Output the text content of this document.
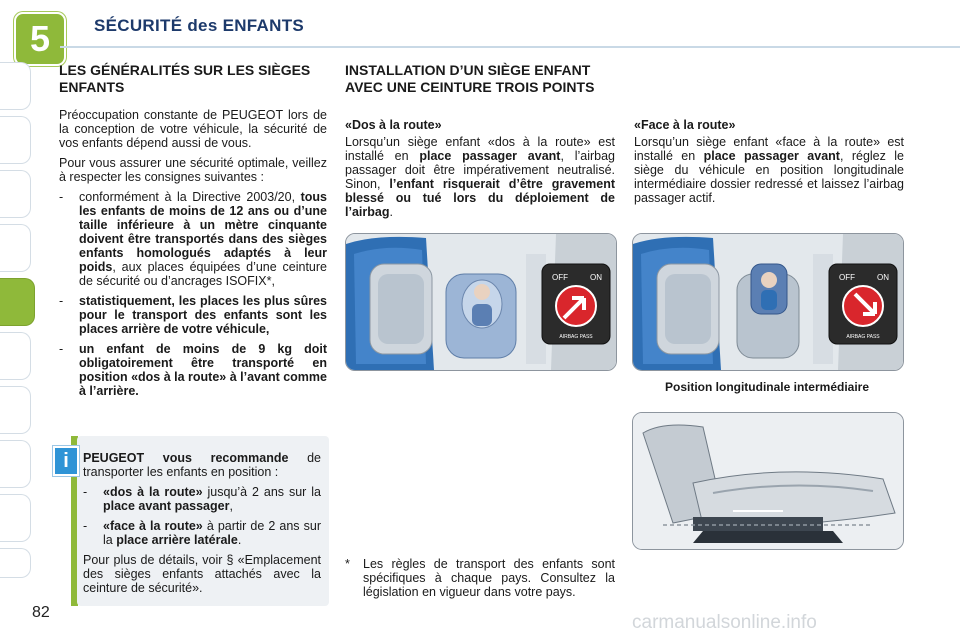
5	SÉCURITÉ des ENFANTS
LES GÉNÉRALITÉS SUR LES SIÈGES ENFANTS

Préoccupation constante de PEUGEOT lors de la conception de votre véhicule, la sécurité de vos enfants dépend aussi de vous.

Pour vous assurer une sécurité optimale, veillez à respecter les consignes suivantes :

- conformément à la Directive 2003/20, tous les enfants de moins de 12 ans ou d’une taille inférieure à un mètre cinquante doivent être transportés dans des sièges enfants homologués adaptés à leur poids, aux places équipées d’une ceinture de sécurité ou d’ancrages ISOFIX*,
- statistiquement, les places les plus sûres pour le transport des enfants sont les places arrière de votre véhicule,
- un enfant de moins de 9 kg doit obligatoirement être transporté en position «dos à la route» à l’avant comme à l’arrière.
i	PEUGEOT vous recommande de transporter les enfants en position :

- «dos à la route» jusqu’à 2 ans sur la place avant passager,
- «face à la route» à partir de 2 ans sur la place arrière latérale.

Pour plus de détails, voir § «Emplacement des sièges enfants attachés avec la ceinture de sécurité».

INSTALLATION D’UN SIÈGE ENFANT AVEC UNE CEINTURE TROIS POINTS

«Dos à la route»

Lorsqu’un siège enfant «dos à la route» est installé en place passager avant, l’airbag passager doit être impérativement neutralisé. Sinon, l’enfant risquerait d’être gravement blessé ou tué lors du déploiement de l’airbag.

«Face à la route»

Lorsqu’un siège enfant «face à la route» est installé en place passager avant, réglez le siège du véhicule en position longitudinale intermédiaire dossier redressé et laissez l’airbag passager actif.

OFF	ON
AIRBAG PASS
OFF	ON
AIRBAG PASS
Position longitudinale intermédiaire
*	Les règles de transport des enfants sont spécifiques à chaque pays. Consultez la législation en vigueur dans votre pays.

82	carmanualsonline.info
